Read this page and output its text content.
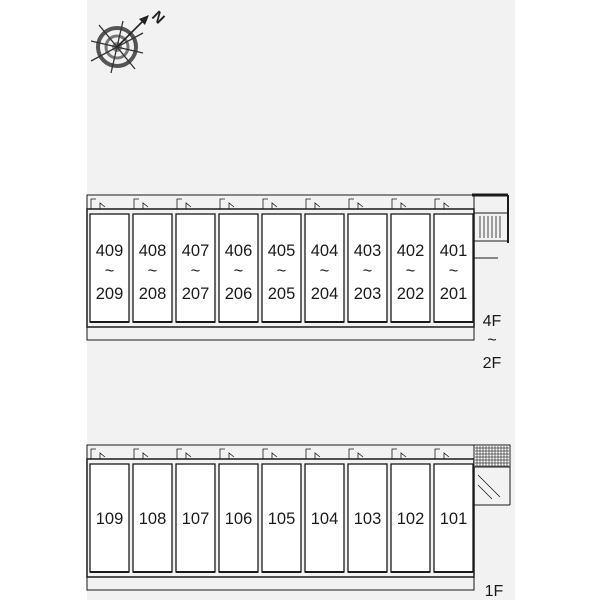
N
409
~
209
408
~
208
407
~
207
406
~
206
405
~
205
404
~
204
403
~
203
402
~
202
401
~
201
4F
~
2F
109 108 107 106 105 104 103 102 101
1F
